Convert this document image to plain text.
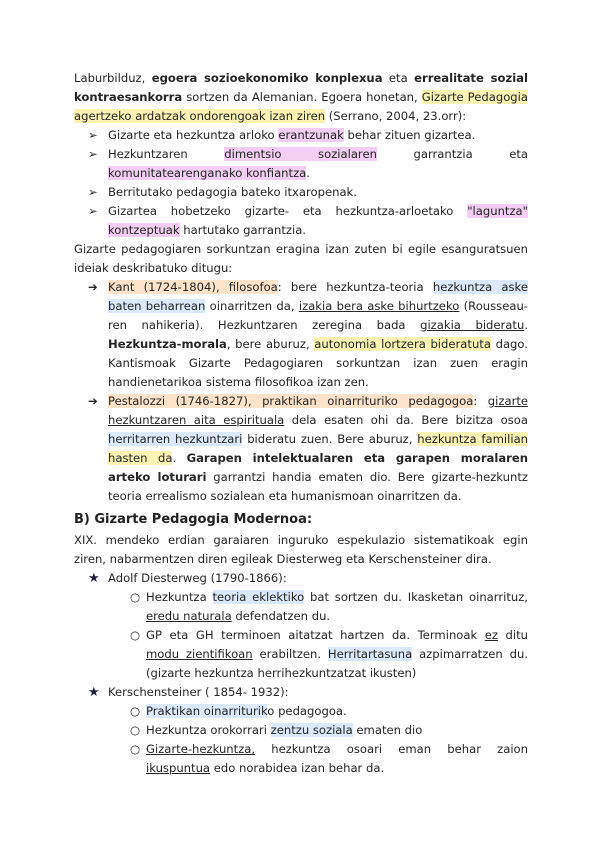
Laburbilduz, egoera sozioekonomiko konplexua eta errealitate sozial kontraesankorra sortzen da Alemanian. Egoera honetan, Gizarte Pedagogia agertzeko ardatzak ondorengoak izan ziren (Serrano, 2004, 23.orr):

➢ Gizarte eta hezkuntza arloko erantzunak behar zituen gizartea.
➢ Hezkuntzaren dimentsio sozialaren garrantzia eta komunitatearenganako konfiantza.
➢ Berritutako pedagogia bateko itxaropenak.
➢ Gizartea hobetzeko gizarte- eta hezkuntza-arloetako "laguntza" kontzeptuak hartutako garrantzia.

Gizarte pedagogiaren sorkuntzan eragina izan zuten bi egile esanguratsuen ideiak deskribatuko ditugu:

➔ Kant (1724-1804), filosofoa: bere hezkuntza-teoria hezkuntza aske baten beharrean oinarritzen da, izakia bera aske bihurtzeko (Rousseau-ren nahikeria). Hezkuntzaren zeregina bada gizakia bideratu. Hezkuntza-morala, bere aburuz, autonomia lortzera bideratuta dago. Kantismoak Gizarte Pedagogiaren sorkuntzan izan zuen eragin handienetarikoa sistema filosofikoa izan zen.
➔ Pestalozzi (1746-1827), praktikan oinarrituriko pedagogoa: gizarte hezkuntzaren aita espirituala dela esaten ohi da. Bere bizitza osoa herritarren hezkuntzari bideratu zuen. Bere aburuz, hezkuntza familian hasten da. Garapen intelektualaren eta garapen moralaren arteko loturari garrantzi handia ematen dio. Bere gizarte-hezkuntz teoria errealismo sozialean eta humanismoan oinarritzen da.
B) Gizarte Pedagogia Modernoa:

XIX. mendeko erdian garaiaren inguruko espekulazio sistematikoak egin ziren, nabarmentzen diren egileak Diesterweg eta Kerschensteiner dira.

★ Adolf Diesterweg (1790-1866):
○ Hezkuntza teoria eklektiko bat sortzen du. Ikasketan oinarrituz, eredu naturala defendatzen du.
○ GP eta GH terminoen aitatzat hartzen da. Terminoak ez ditu modu zientifikoan erabiltzen. Herritartasuna azpimarratzen du. (gizarte hezkuntza herrihezkuntzatzat ikusten)
★ Kerschensteiner ( 1854- 1932):
○ Praktikan oinarrituriko pedagogoa.
○ Hezkuntza orokorrari zentzu soziala ematen dio
○ Gizarte-hezkuntza, hezkuntza osoari eman behar zaion ikuspuntua edo norabidea izan behar da.
